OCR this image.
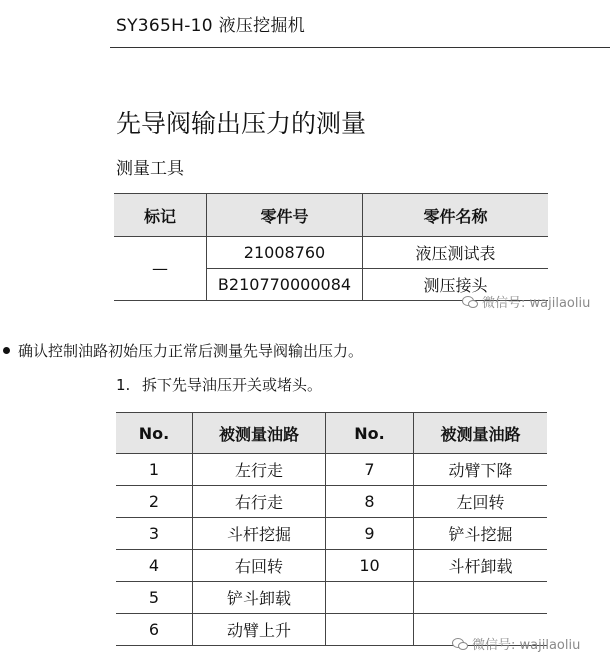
SY365H-10 液压挖掘机
先导阀输出压力的测量
测量工具
标记	零件号	零件名称
—	21008760	液压测试表
	B210770000084	测压接头
微信号: wajilaoliu
确认控制油路初始压力正常后测量先导阀输出压力。
1. 拆下先导油压开关或堵头。
No.	被测量油路	No.	被测量油路
1	左行走	7	动臂下降
2	右行走	8	左回转
3	斗杆挖掘	9	铲斗挖掘
4	右回转	10	斗杆卸载
5	铲斗卸载		
6	动臂上升		
微信号: wajilaoliu
